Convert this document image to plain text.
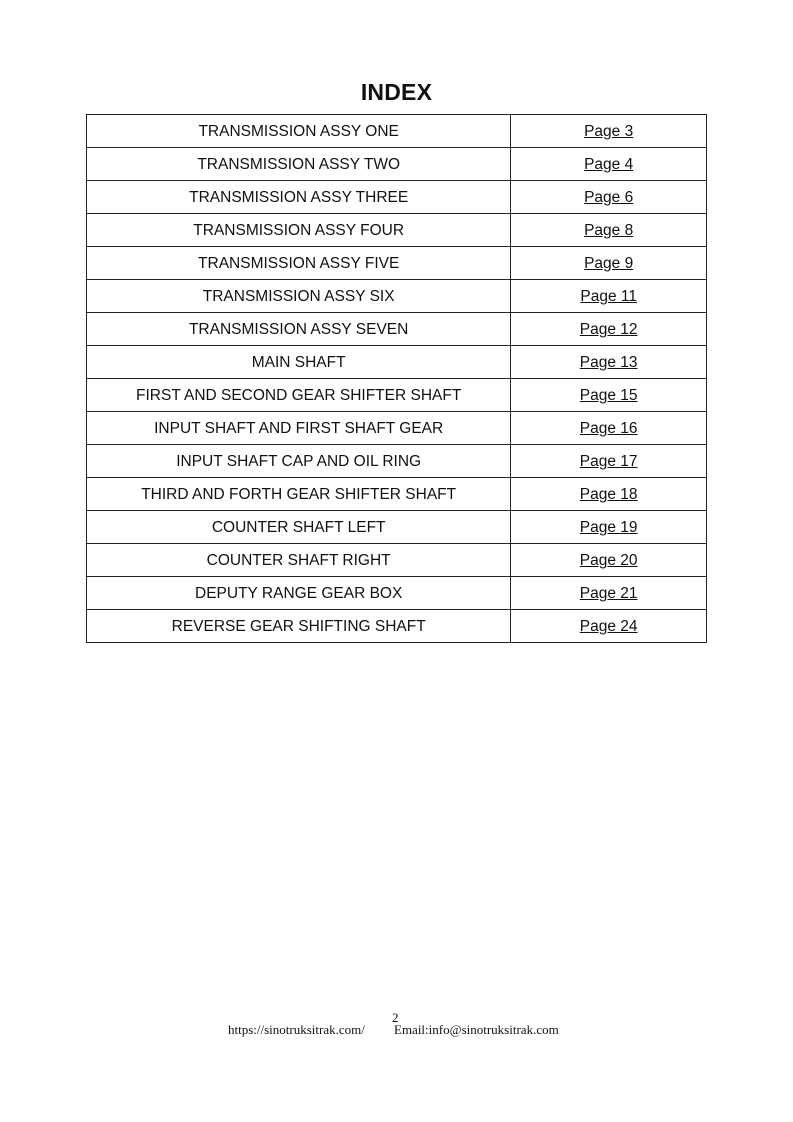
INDEX
TRANSMISSION ASSY ONE	Page 3
TRANSMISSION ASSY TWO	Page 4
TRANSMISSION ASSY THREE	Page 6
TRANSMISSION ASSY FOUR	Page 8
TRANSMISSION ASSY FIVE	Page 9
TRANSMISSION ASSY SIX	Page 11
TRANSMISSION ASSY SEVEN	Page 12
MAIN SHAFT	Page 13
FIRST AND SECOND GEAR SHIFTER SHAFT	Page 15
INPUT SHAFT AND FIRST SHAFT GEAR	Page 16
INPUT SHAFT CAP AND OIL RING	Page 17
THIRD AND FORTH GEAR SHIFTER SHAFT	Page 18
COUNTER SHAFT LEFT	Page 19
COUNTER SHAFT RIGHT	Page 20
DEPUTY RANGE GEAR BOX	Page 21
REVERSE GEAR SHIFTING SHAFT	Page 24
2
https://sinotruksitrak.com/ Email:info@sinotruksitrak.com
